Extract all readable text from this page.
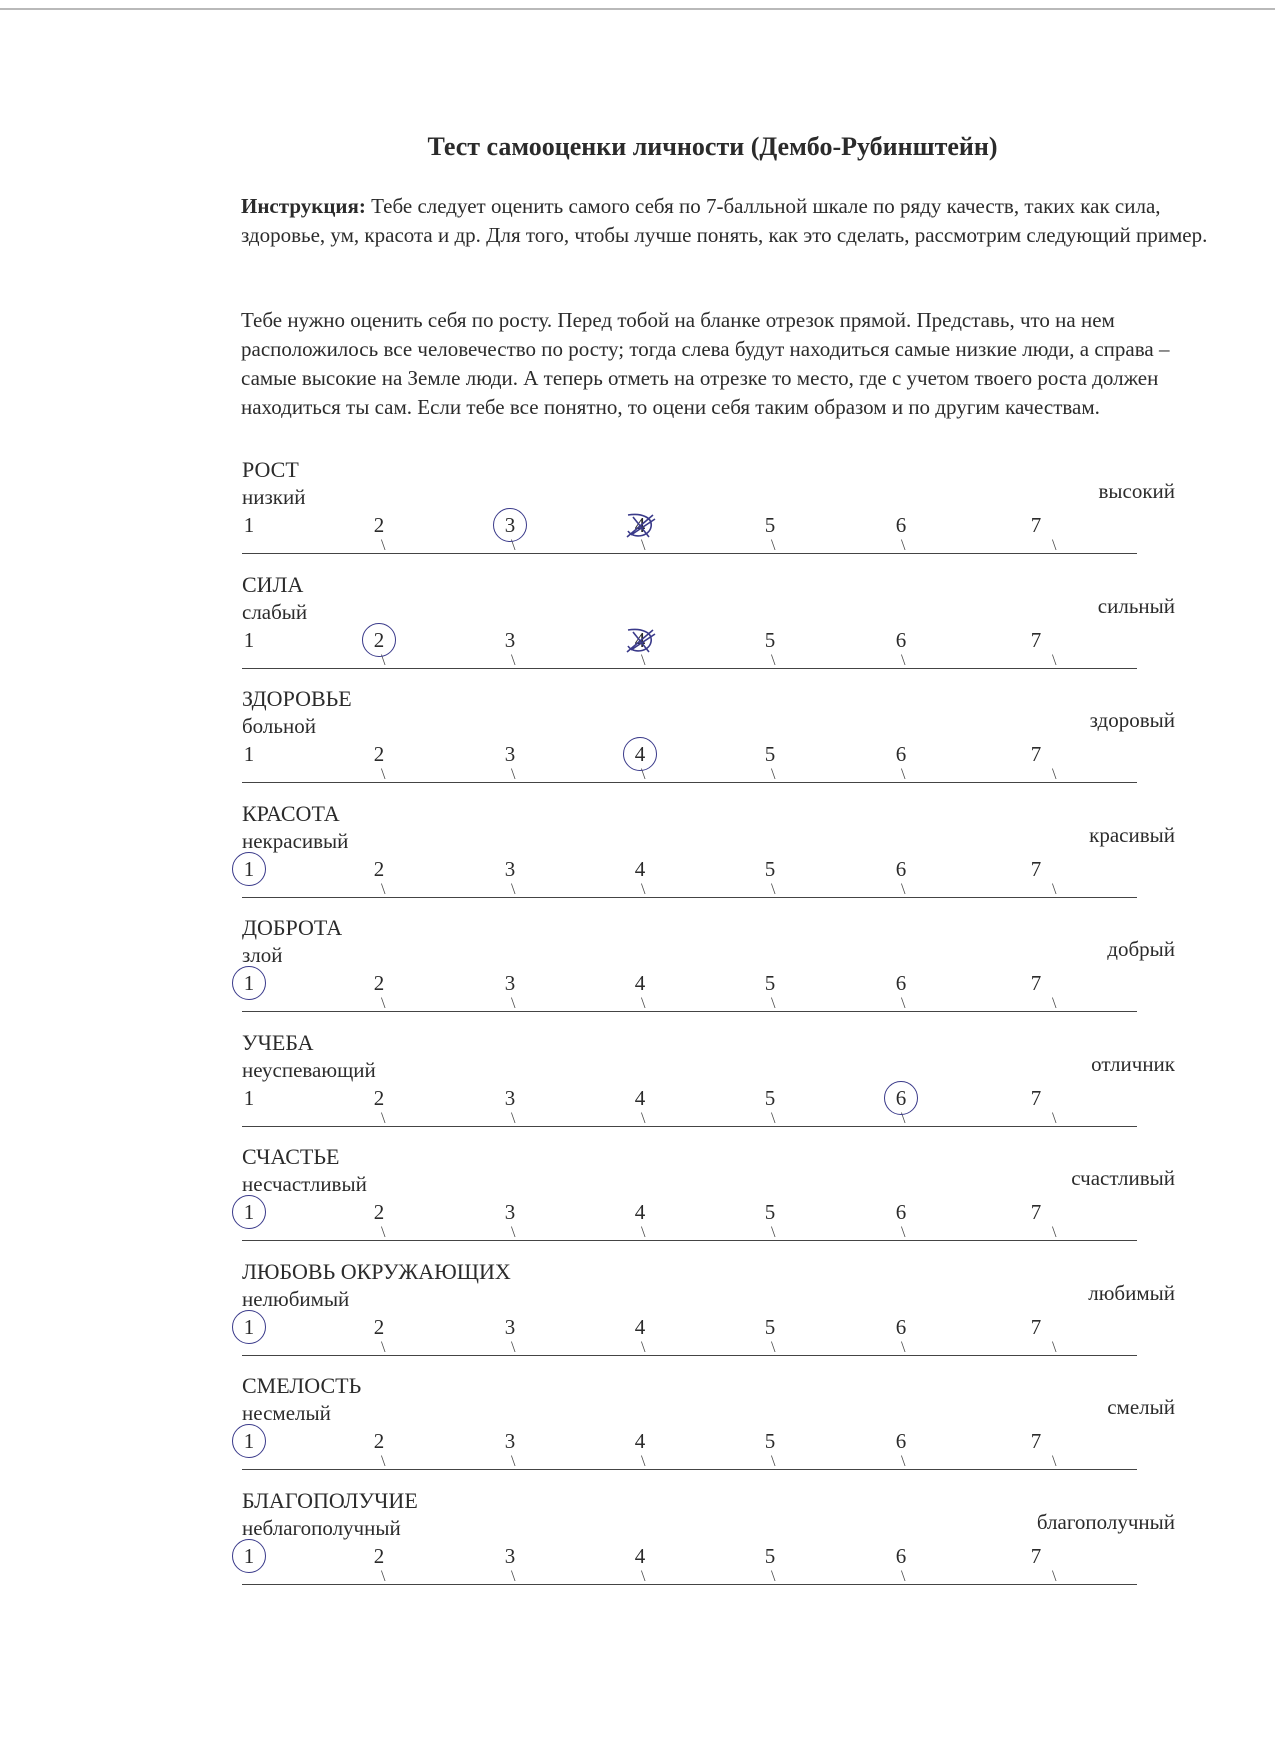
Тест самооценки личности (Дембо-Рубинштейн)
Инструкция: Тебе следует оценить самого себя по 7-балльной шкале по ряду качеств, таких как сила, здоровье, ум, красота и др. Для того, чтобы лучше понять, как это сделать, рассмотрим следующий пример.
Тебе нужно оценить себя по росту. Перед тобой на бланке отрезок прямой. Представь, что на нем расположилось все человечество по росту; тогда слева будут находиться самые низкие люди, а справа – самые высокие на Земле люди. А теперь отметь на отрезке то место, где с учетом твоего роста должен находиться ты сам. Если тебе все понятно, то оцени себя таким образом и по другим качествам.
РОСТ
низкий	высокий
1	2	3	4	5	6	7
\	\	\	\	\	\
СИЛА
слабый	сильный
1	2	3	4	5	6	7
\	\	\	\	\	\
ЗДОРОВЬЕ
больной	здоровый
1	2	3	4	5	6	7
\	\	\	\	\	\
КРАСОТА
некрасивый	красивый
1	2	3	4	5	6	7
\	\	\	\	\	\
ДОБРОТА
злой	добрый
1	2	3	4	5	6	7
\	\	\	\	\	\
УЧЕБА
неуспевающий	отличник
1	2	3	4	5	6	7
\	\	\	\	\	\
СЧАСТЬЕ
несчастливый	счастливый
1	2	3	4	5	6	7
\	\	\	\	\	\
ЛЮБОВЬ ОКРУЖАЮЩИХ
нелюбимый	любимый
1	2	3	4	5	6	7
\	\	\	\	\	\
СМЕЛОСТЬ
несмелый	смелый
1	2	3	4	5	6	7
\	\	\	\	\	\
БЛАГОПОЛУЧИЕ
неблагополучный	благополучный
1	2	3	4	5	6	7
\	\	\	\	\	\
